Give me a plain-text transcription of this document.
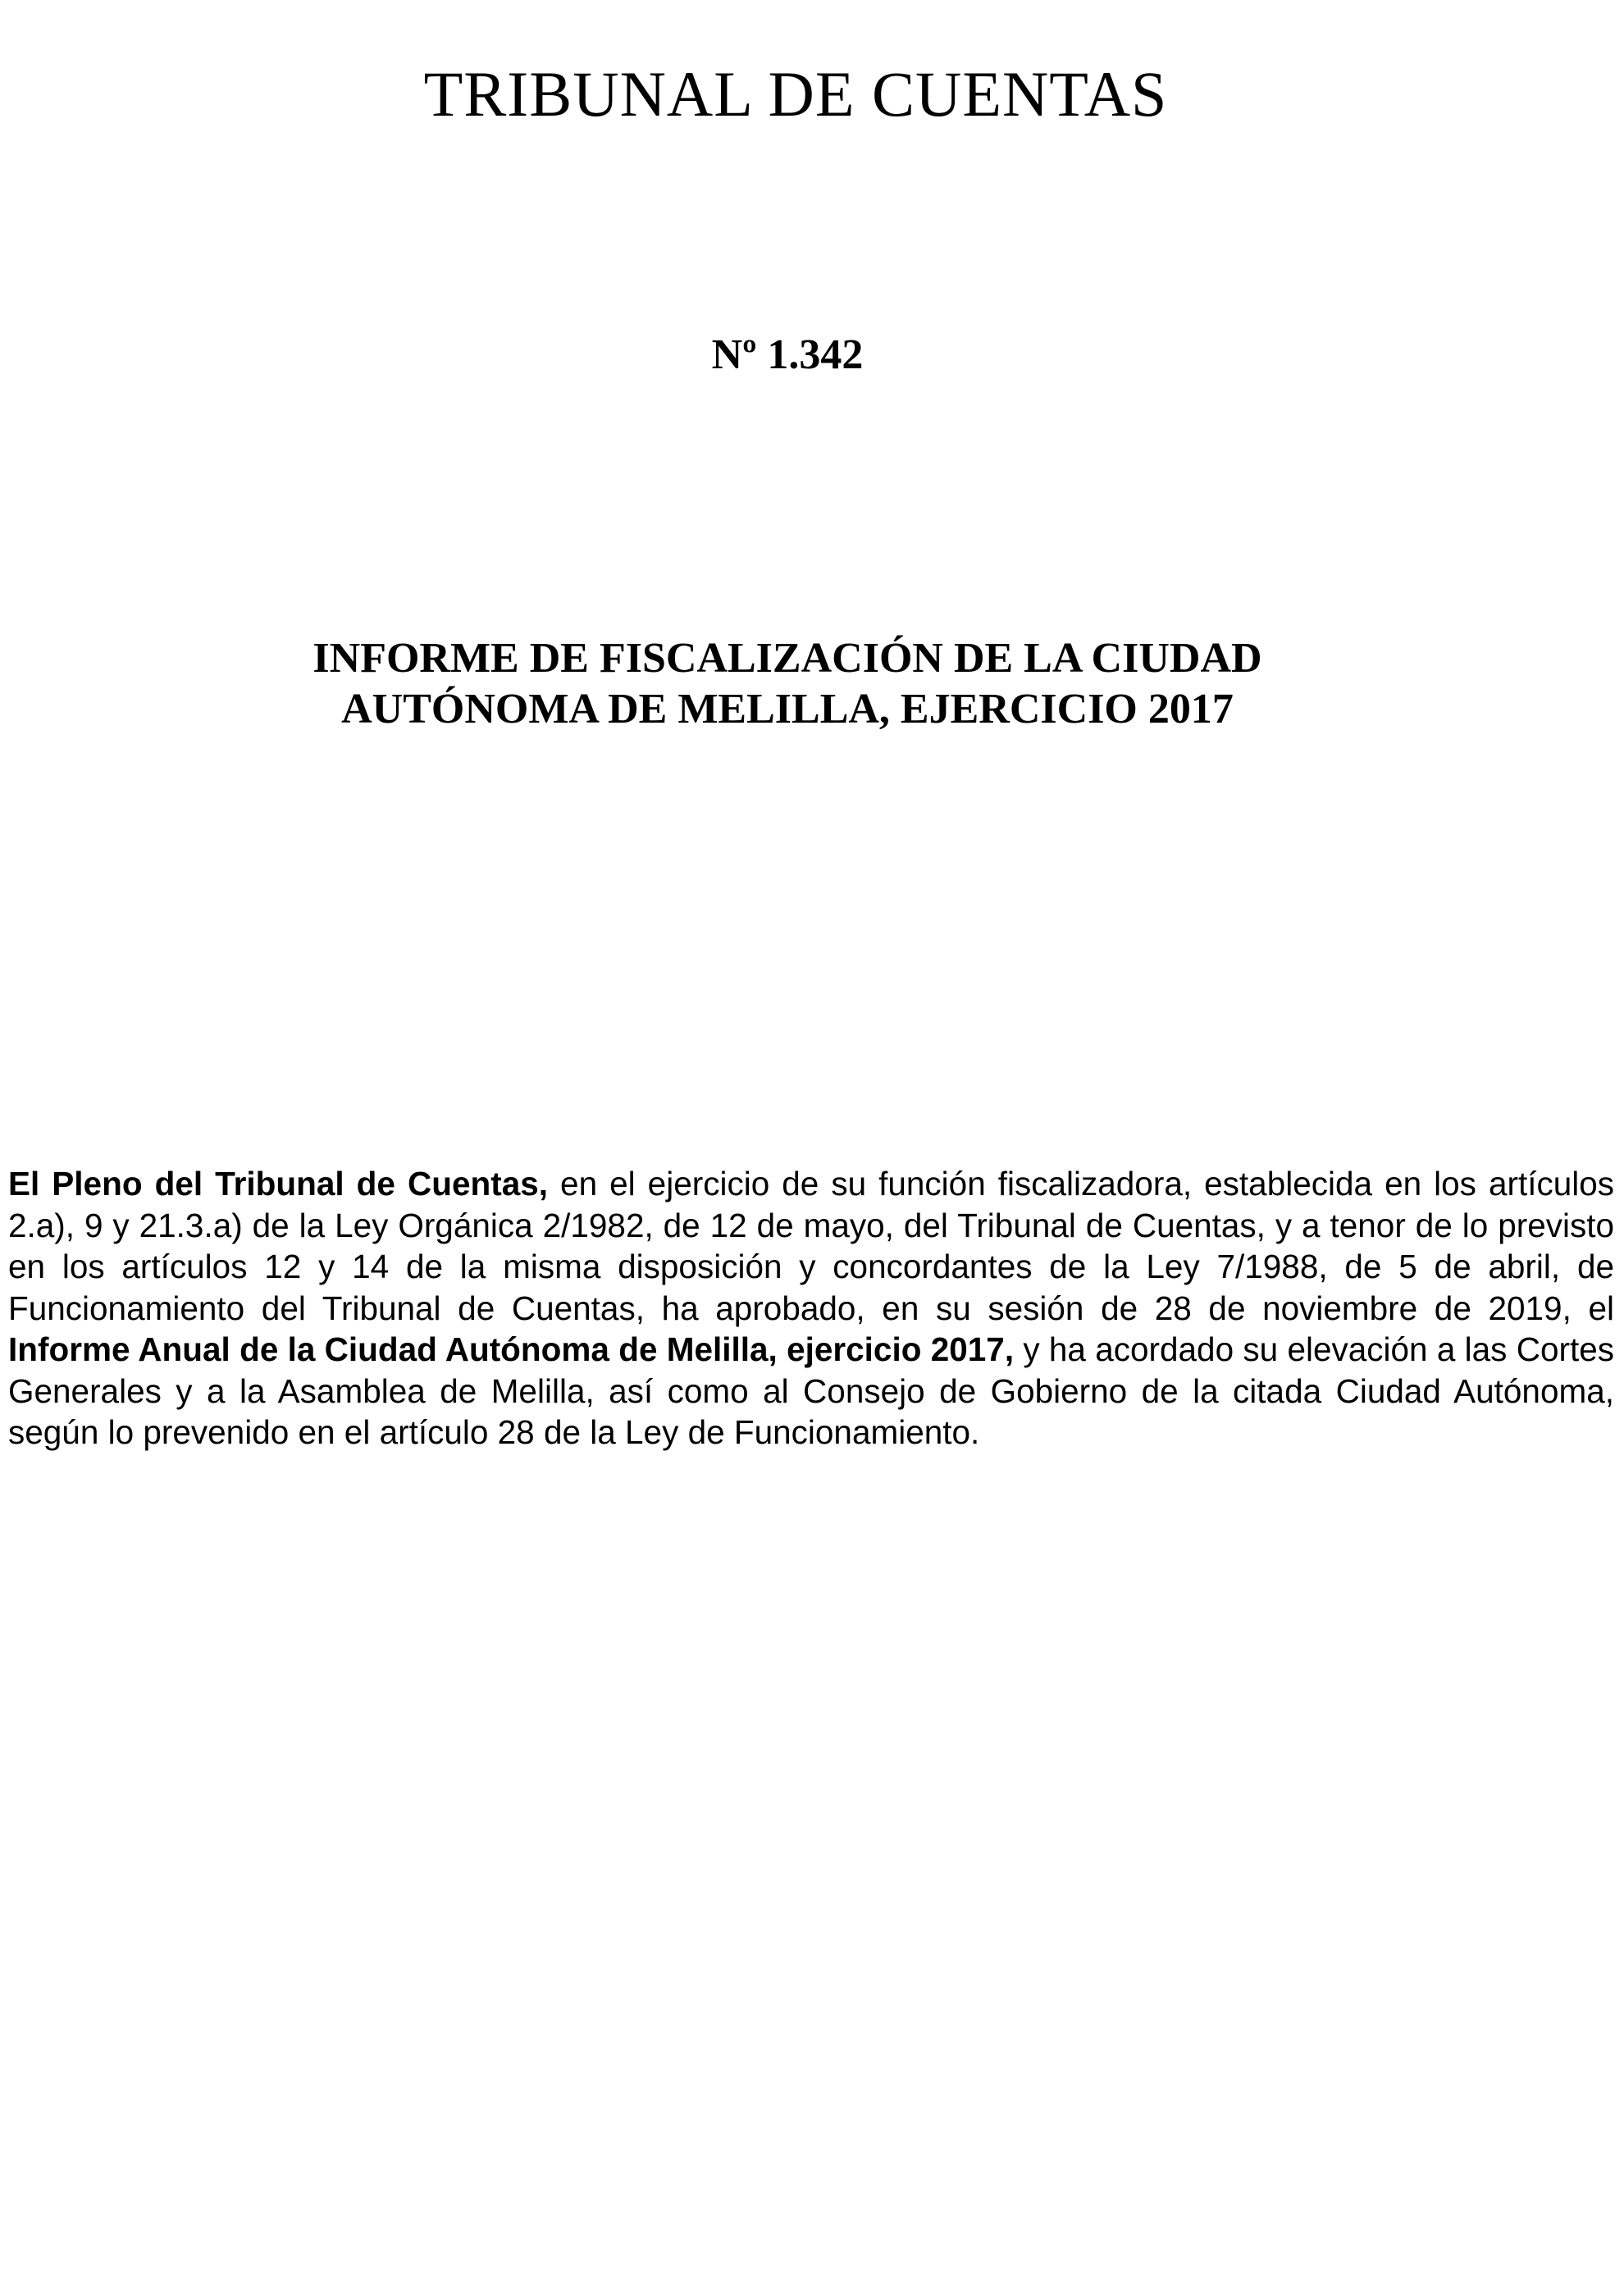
TRIBUNAL DE CUENTAS
Nº 1.342
INFORME DE FISCALIZACIÓN DE LA CIUDAD
AUTÓNOMA DE MELILLA, EJERCICIO 2017

El Pleno del Tribunal de Cuentas, en el ejercicio de su función fiscalizadora, establecida en los artículos 2.a), 9 y 21.3.a) de la Ley Orgánica 2/1982, de 12 de mayo, del Tribunal de Cuentas, y a tenor de lo previsto en los artículos 12 y 14 de la misma disposición y concordantes de la Ley 7/1988, de 5 de abril, de Funcionamiento del Tribunal de Cuentas, ha aprobado, en su sesión de 28 de noviembre de 2019, el Informe Anual de la Ciudad Autónoma de Melilla, ejercicio 2017, y ha acordado su elevación a las Cortes Generales y a la Asamblea de Melilla, así como al Consejo de Gobierno de la citada Ciudad Autónoma, según lo prevenido en el artículo 28 de la Ley de Funcionamiento.
